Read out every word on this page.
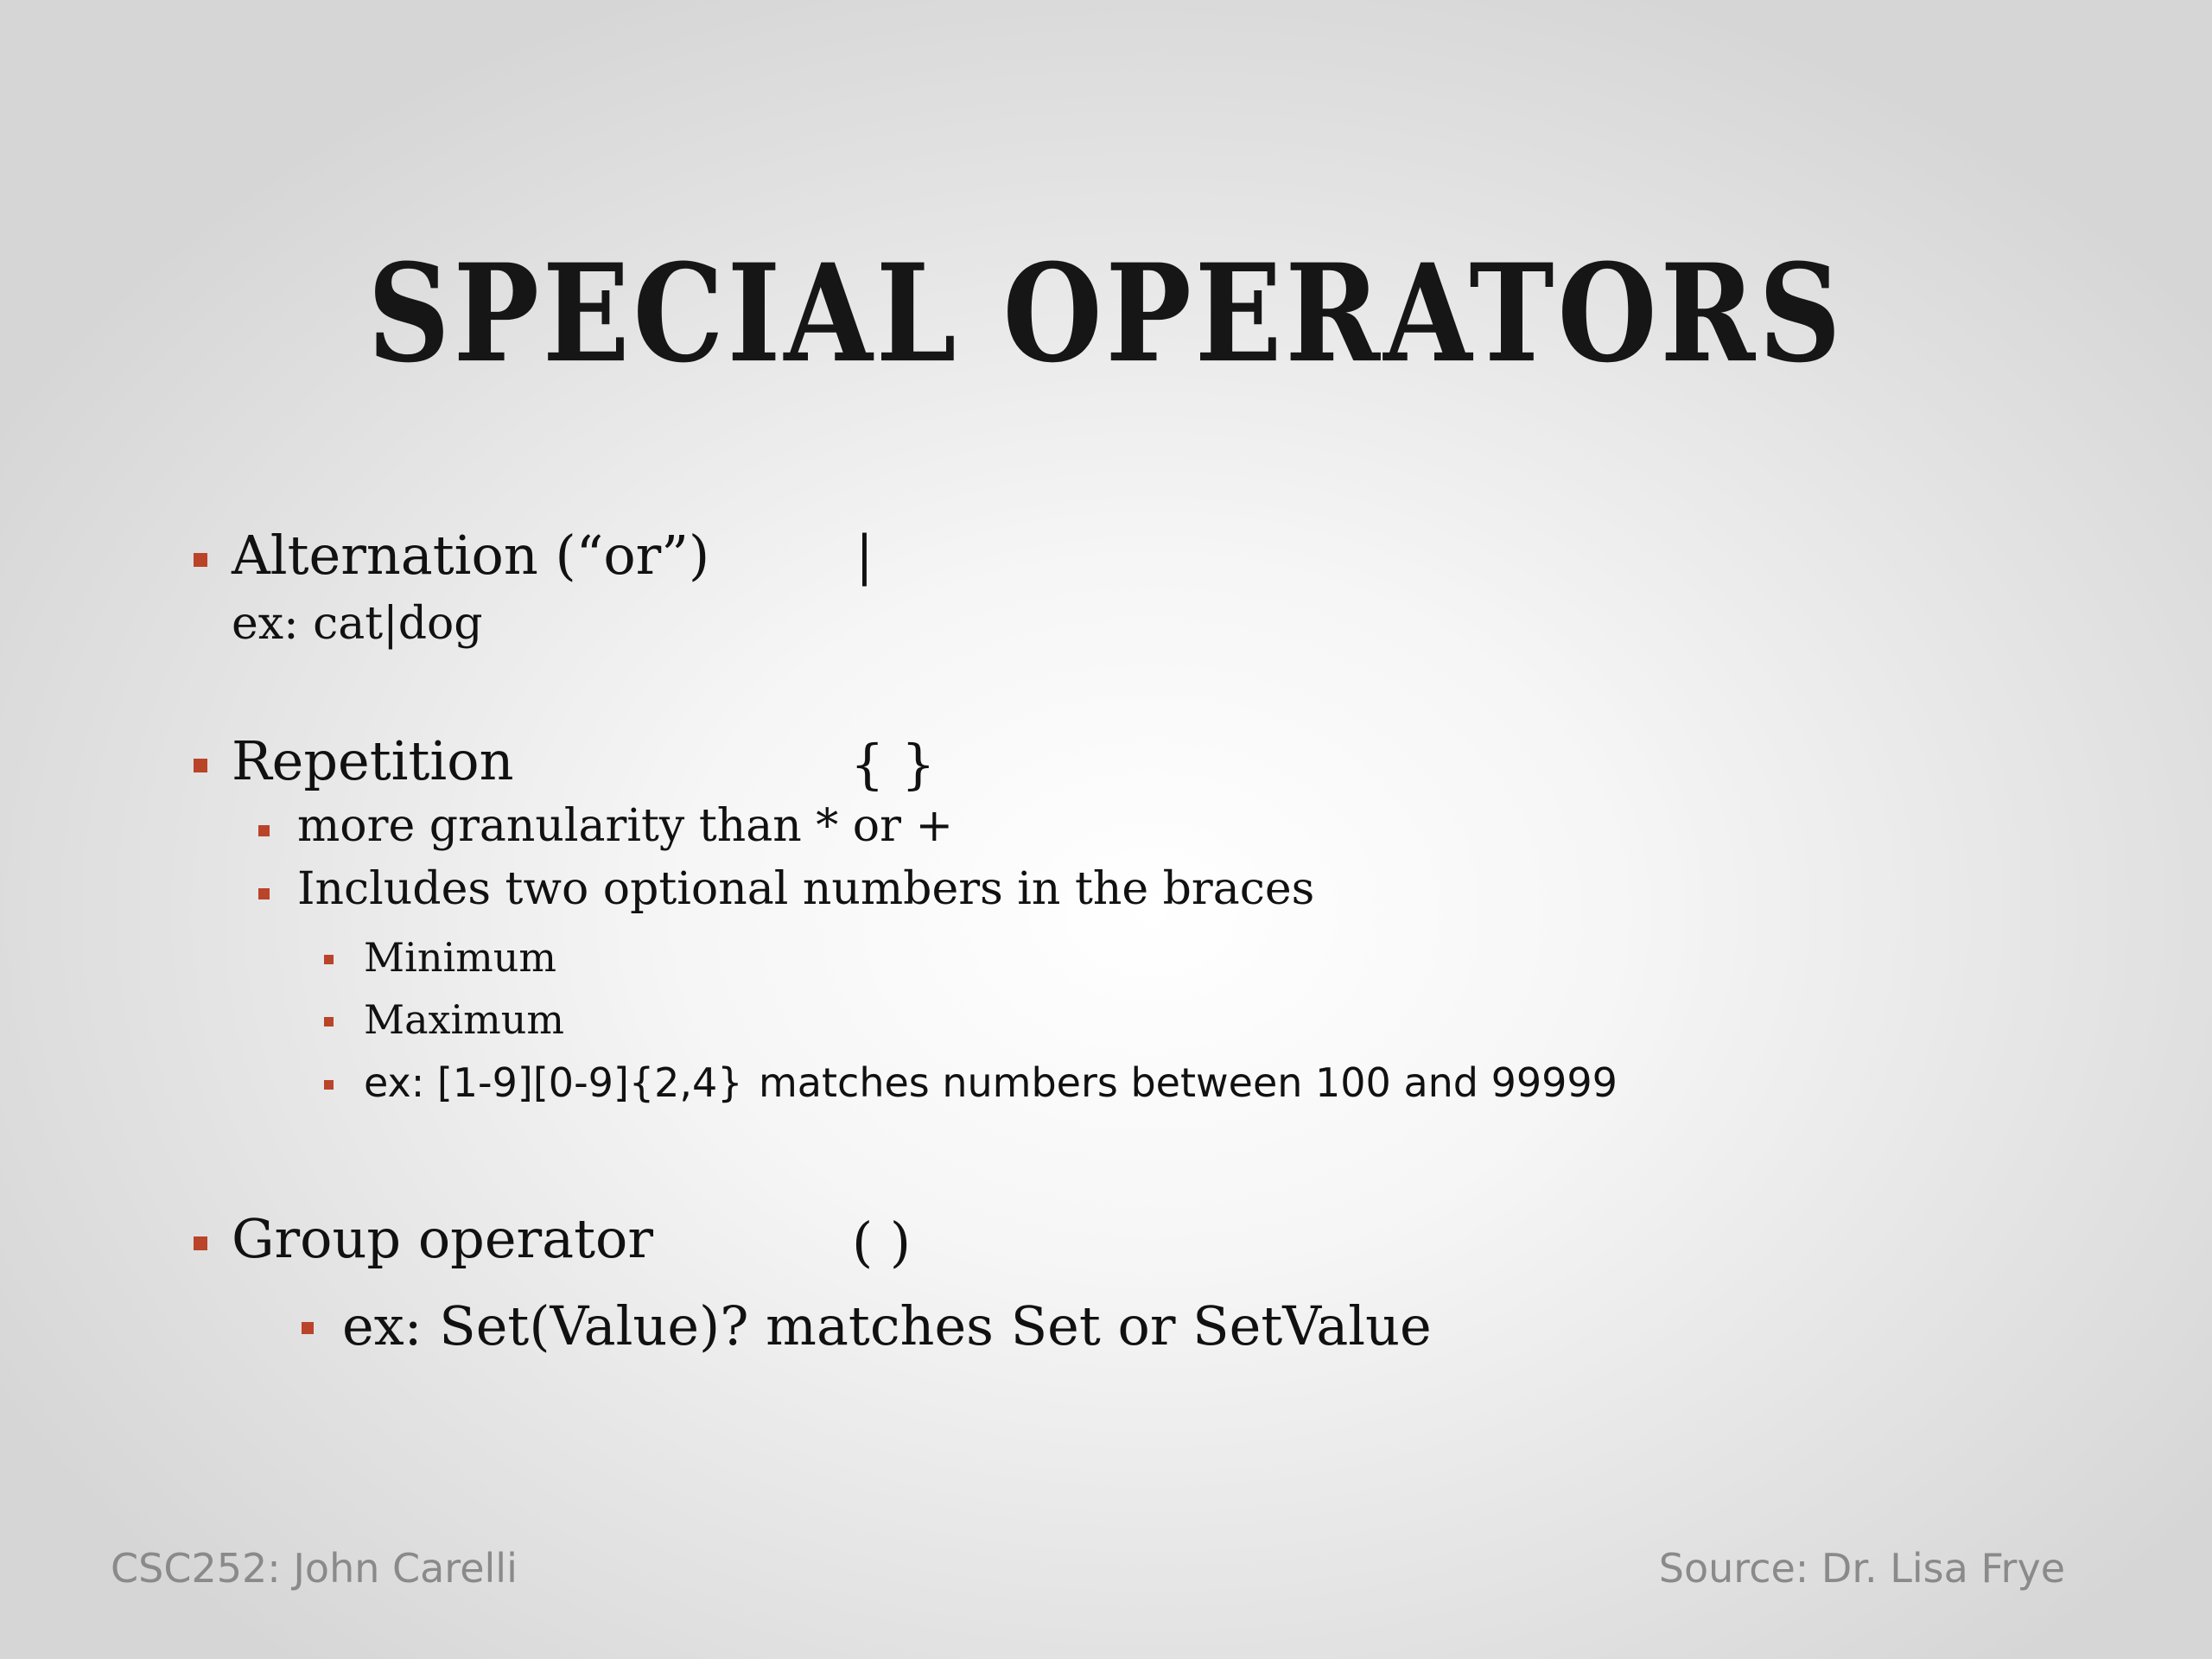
SPECIAL OPERATORS
Alternation (“or”)	|
ex: cat|dog
Repetition	{ }
more granularity than * or +
Includes two optional numbers in the braces
Minimum
Maximum
ex: [1-9][0-9]{2,4} matches numbers between 100 and 99999
Group operator	( )
ex: Set(Value)? matches Set or SetValue
CSC252: John Carelli	Source: Dr. Lisa Frye
